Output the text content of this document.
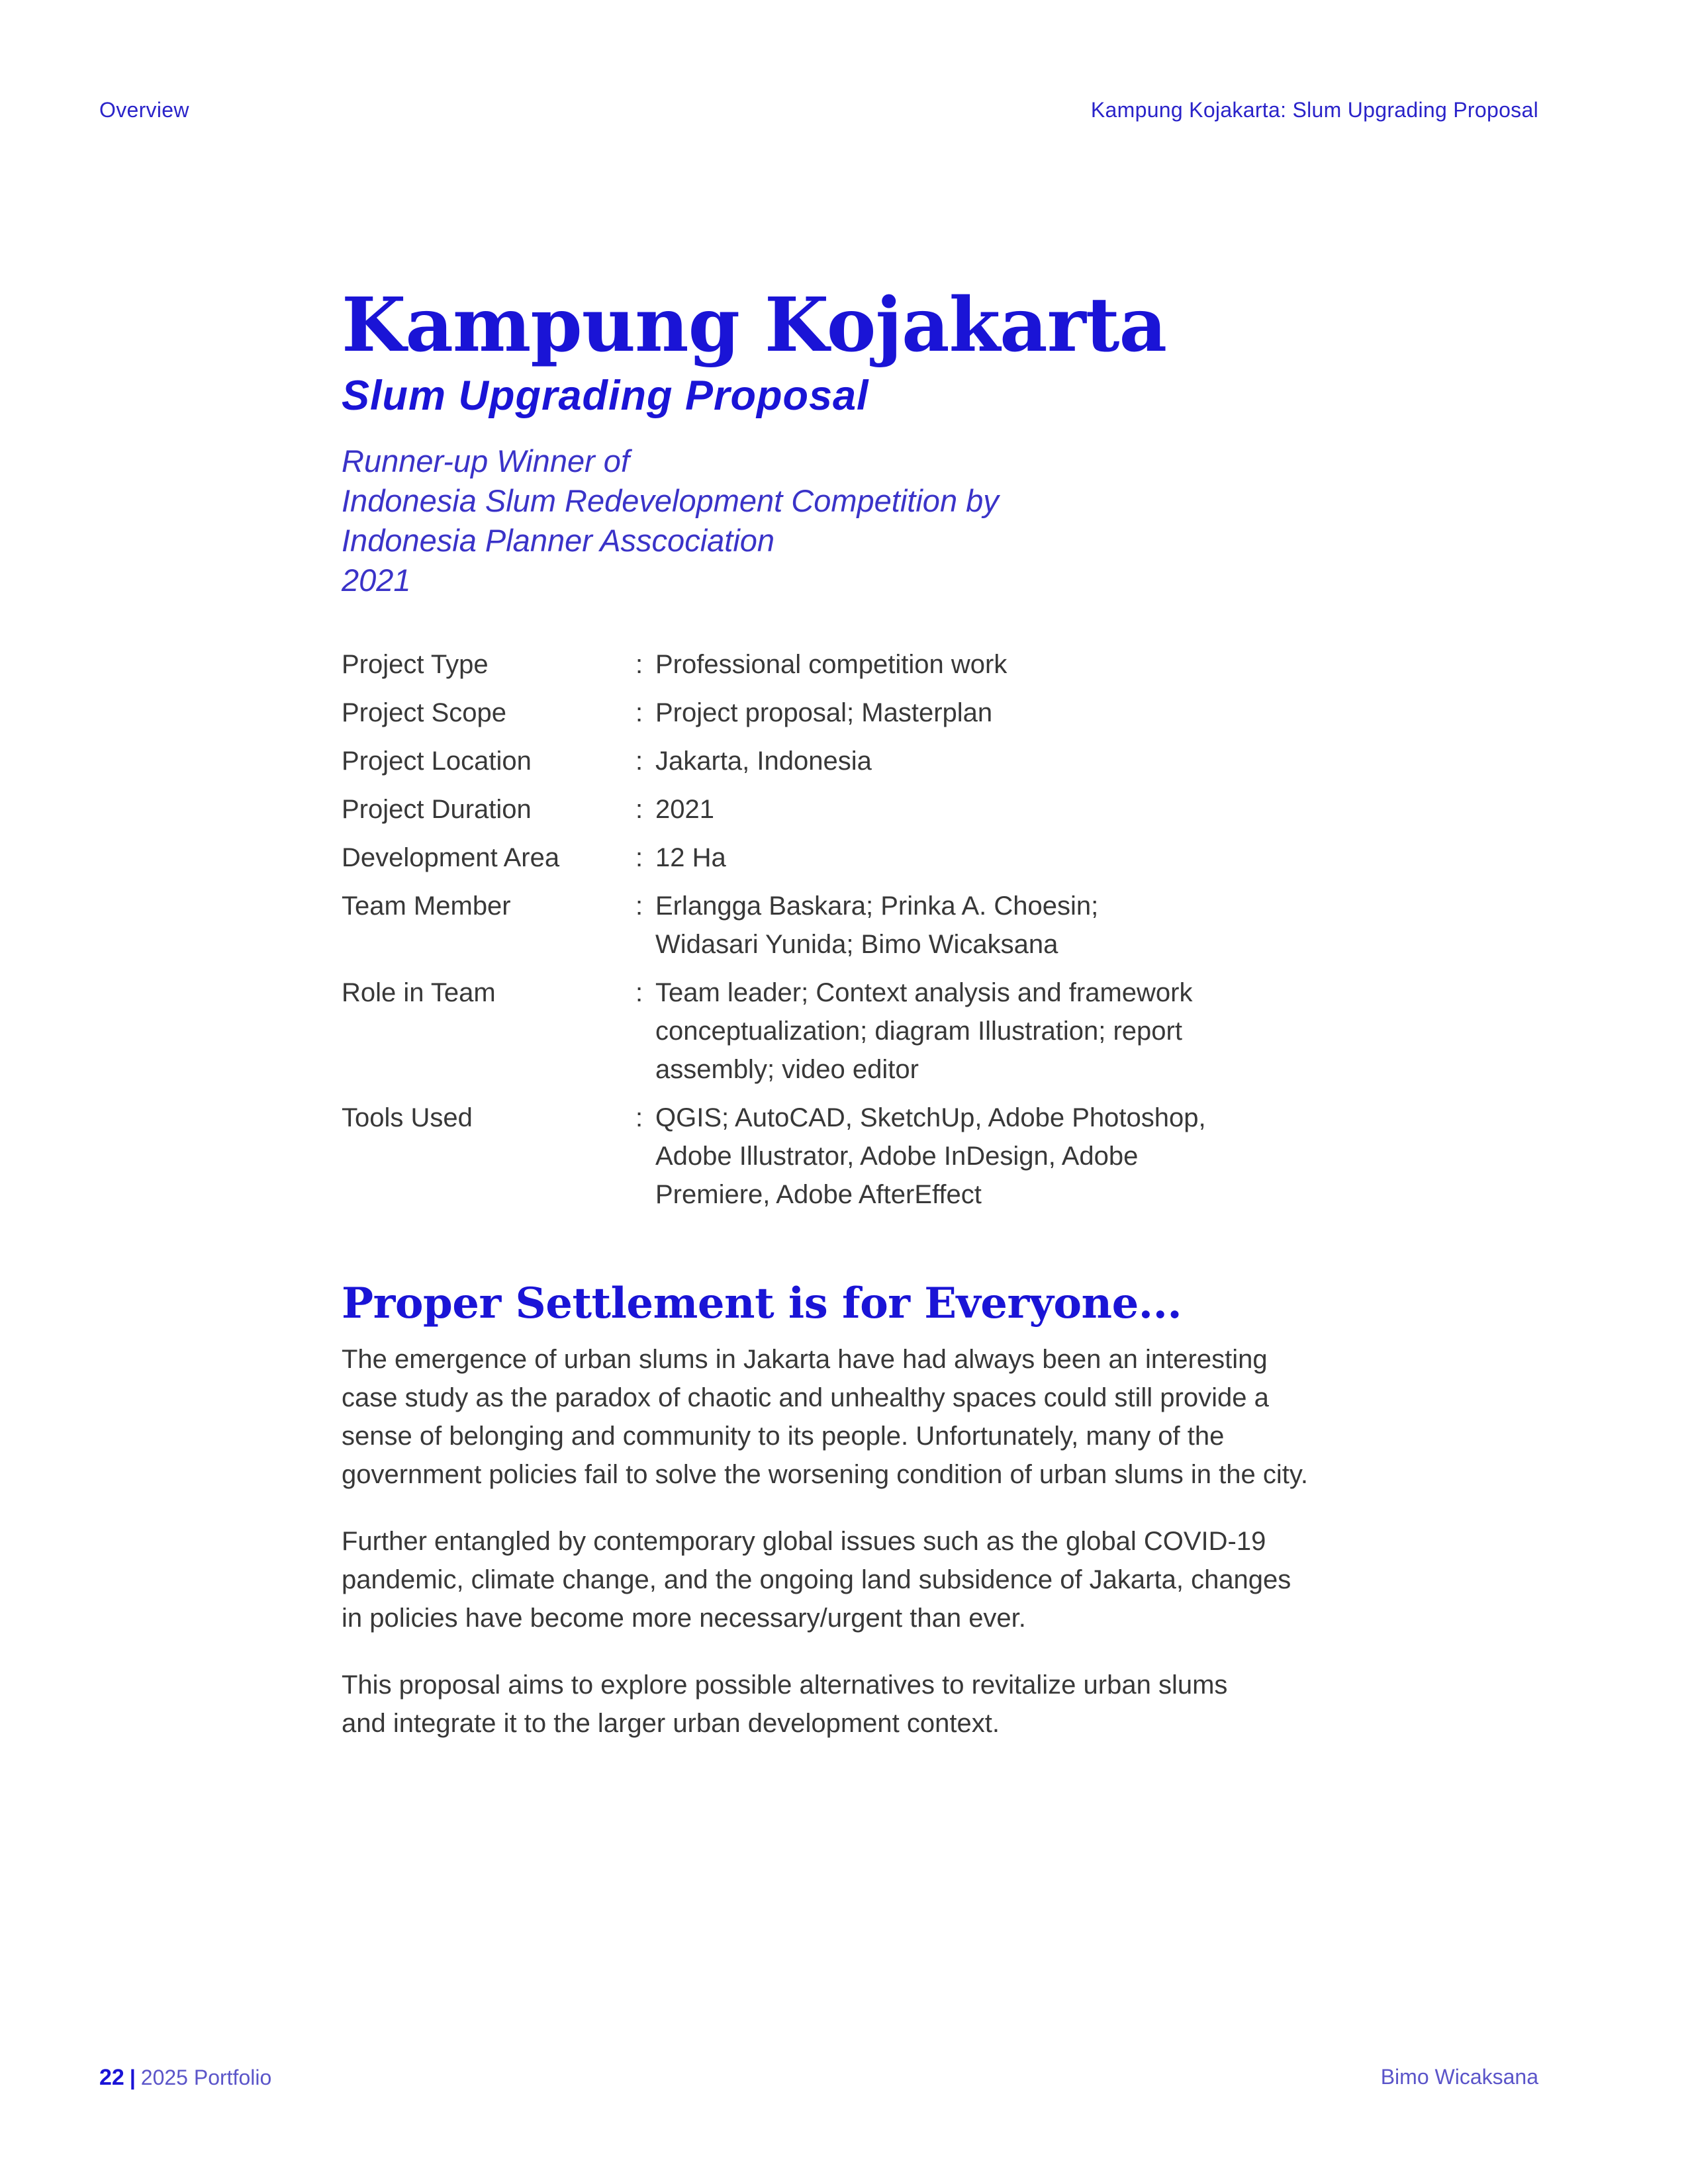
Overview	Kampung Kojakarta: Slum Upgrading Proposal
Kampung Kojakarta
Slum Upgrading Proposal
Runner-up Winner of
Indonesia Slum Redevelopment Competition by
Indonesia Planner Asscociation
2021
Project Type	: Professional competition work
Project Scope	: Project proposal; Masterplan
Project Location	: Jakarta, Indonesia
Project Duration	: 2021
Development Area	: 12 Ha
Team Member	: Erlangga Baskara; Prinka A. Choesin; Widasari Yunida; Bimo Wicaksana
Role in Team	: Team leader; Context analysis and framework conceptualization; diagram Illustration; report assembly; video editor
Tools Used	: QGIS; AutoCAD, SketchUp, Adobe Photoshop, Adobe Illustrator, Adobe InDesign, Adobe Premiere, Adobe AfterEffect
Proper Settlement is for Everyone...

The emergence of urban slums in Jakarta have had always been an interesting case study as the paradox of chaotic and unhealthy spaces could still provide a sense of belonging and community to its people. Unfortunately, many of the government policies fail to solve the worsening condition of urban slums in the city.

Further entangled by contemporary global issues such as the global COVID-19 pandemic, climate change, and the ongoing land subsidence of Jakarta, changes in policies have become more necessary/urgent than ever.

This proposal aims to explore possible alternatives to revitalize urban slums and integrate it to the larger urban development context.

22 | 2025 Portfolio	Bimo Wicaksana
